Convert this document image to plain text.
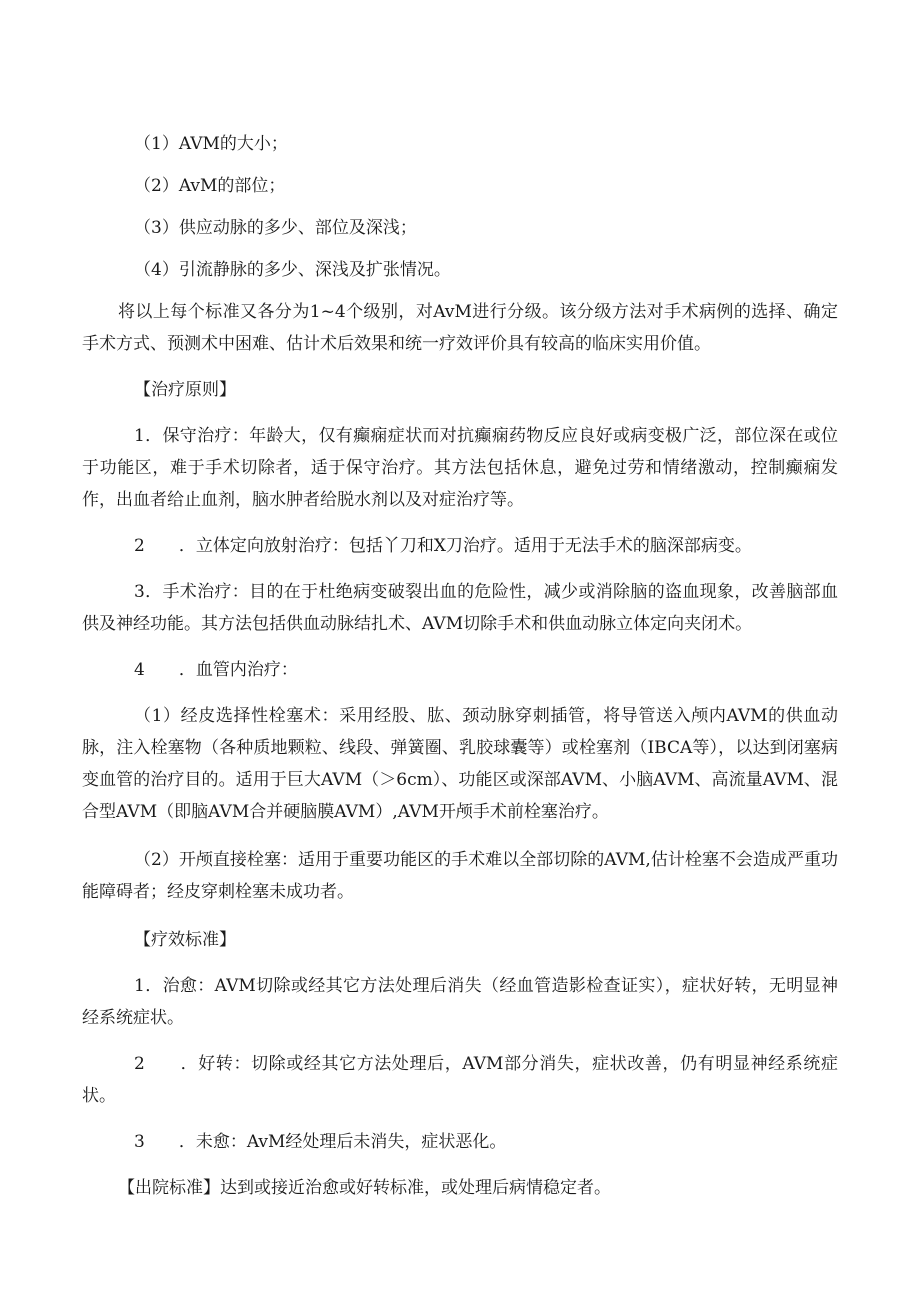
（1）AVM的大小；

（2）AvM的部位；

（3）供应动脉的多少、部位及深浅；

（4）引流静脉的多少、深浅及扩张情况。

将以上每个标准又各分为1~4个级别，对AvM进行分级。该分级方法对手术病例的选择、确定手术方式、预测术中困难、估计术后效果和统一疗效评价具有较高的临床实用价值。

【治疗原则】

1．保守治疗：年龄大，仅有癫痫症状而对抗癫痫药物反应良好或病变极广泛，部位深在或位于功能区，难于手术切除者，适于保守治疗。其方法包括休息，避免过劳和情绪激动，控制癫痫发作，出血者给止血剂，脑水肿者给脱水剂以及对症治疗等。

2　　．立体定向放射治疗：包括丫刀和X刀治疗。适用于无法手术的脑深部病变。

3．手术治疗：目的在于杜绝病变破裂出血的危险性，减少或消除脑的盗血现象，改善脑部血供及神经功能。其方法包括供血动脉结扎术、AVM切除手术和供血动脉立体定向夹闭术。

4　　．血管内治疗：

（1）经皮选择性栓塞术：采用经股、肱、颈动脉穿刺插管，将导管送入颅内AVM的供血动脉，注入栓塞物（各种质地颗粒、线段、弹簧圈、乳胶球囊等）或栓塞剂（IBCA等），以达到闭塞病变血管的治疗目的。适用于巨大AVM（＞6cm）、功能区或深部AVM、小脑AVM、高流量AVM、混合型AVM（即脑AVM合并硬脑膜AVM）,AVM开颅手术前栓塞治疗。

（2）开颅直接栓塞：适用于重要功能区的手术难以全部切除的AVM,估计栓塞不会造成严重功能障碍者；经皮穿刺栓塞未成功者。

【疗效标准】

1．治愈：AVM切除或经其它方法处理后消失（经血管造影检查证实），症状好转，无明显神经系统症状。

2　　．好转：切除或经其它方法处理后，AVM部分消失，症状改善，仍有明显神经系统症状。

3　　．未愈：AvM经处理后未消失，症状恶化。

【出院标准】达到或接近治愈或好转标准，或处理后病情稳定者。
